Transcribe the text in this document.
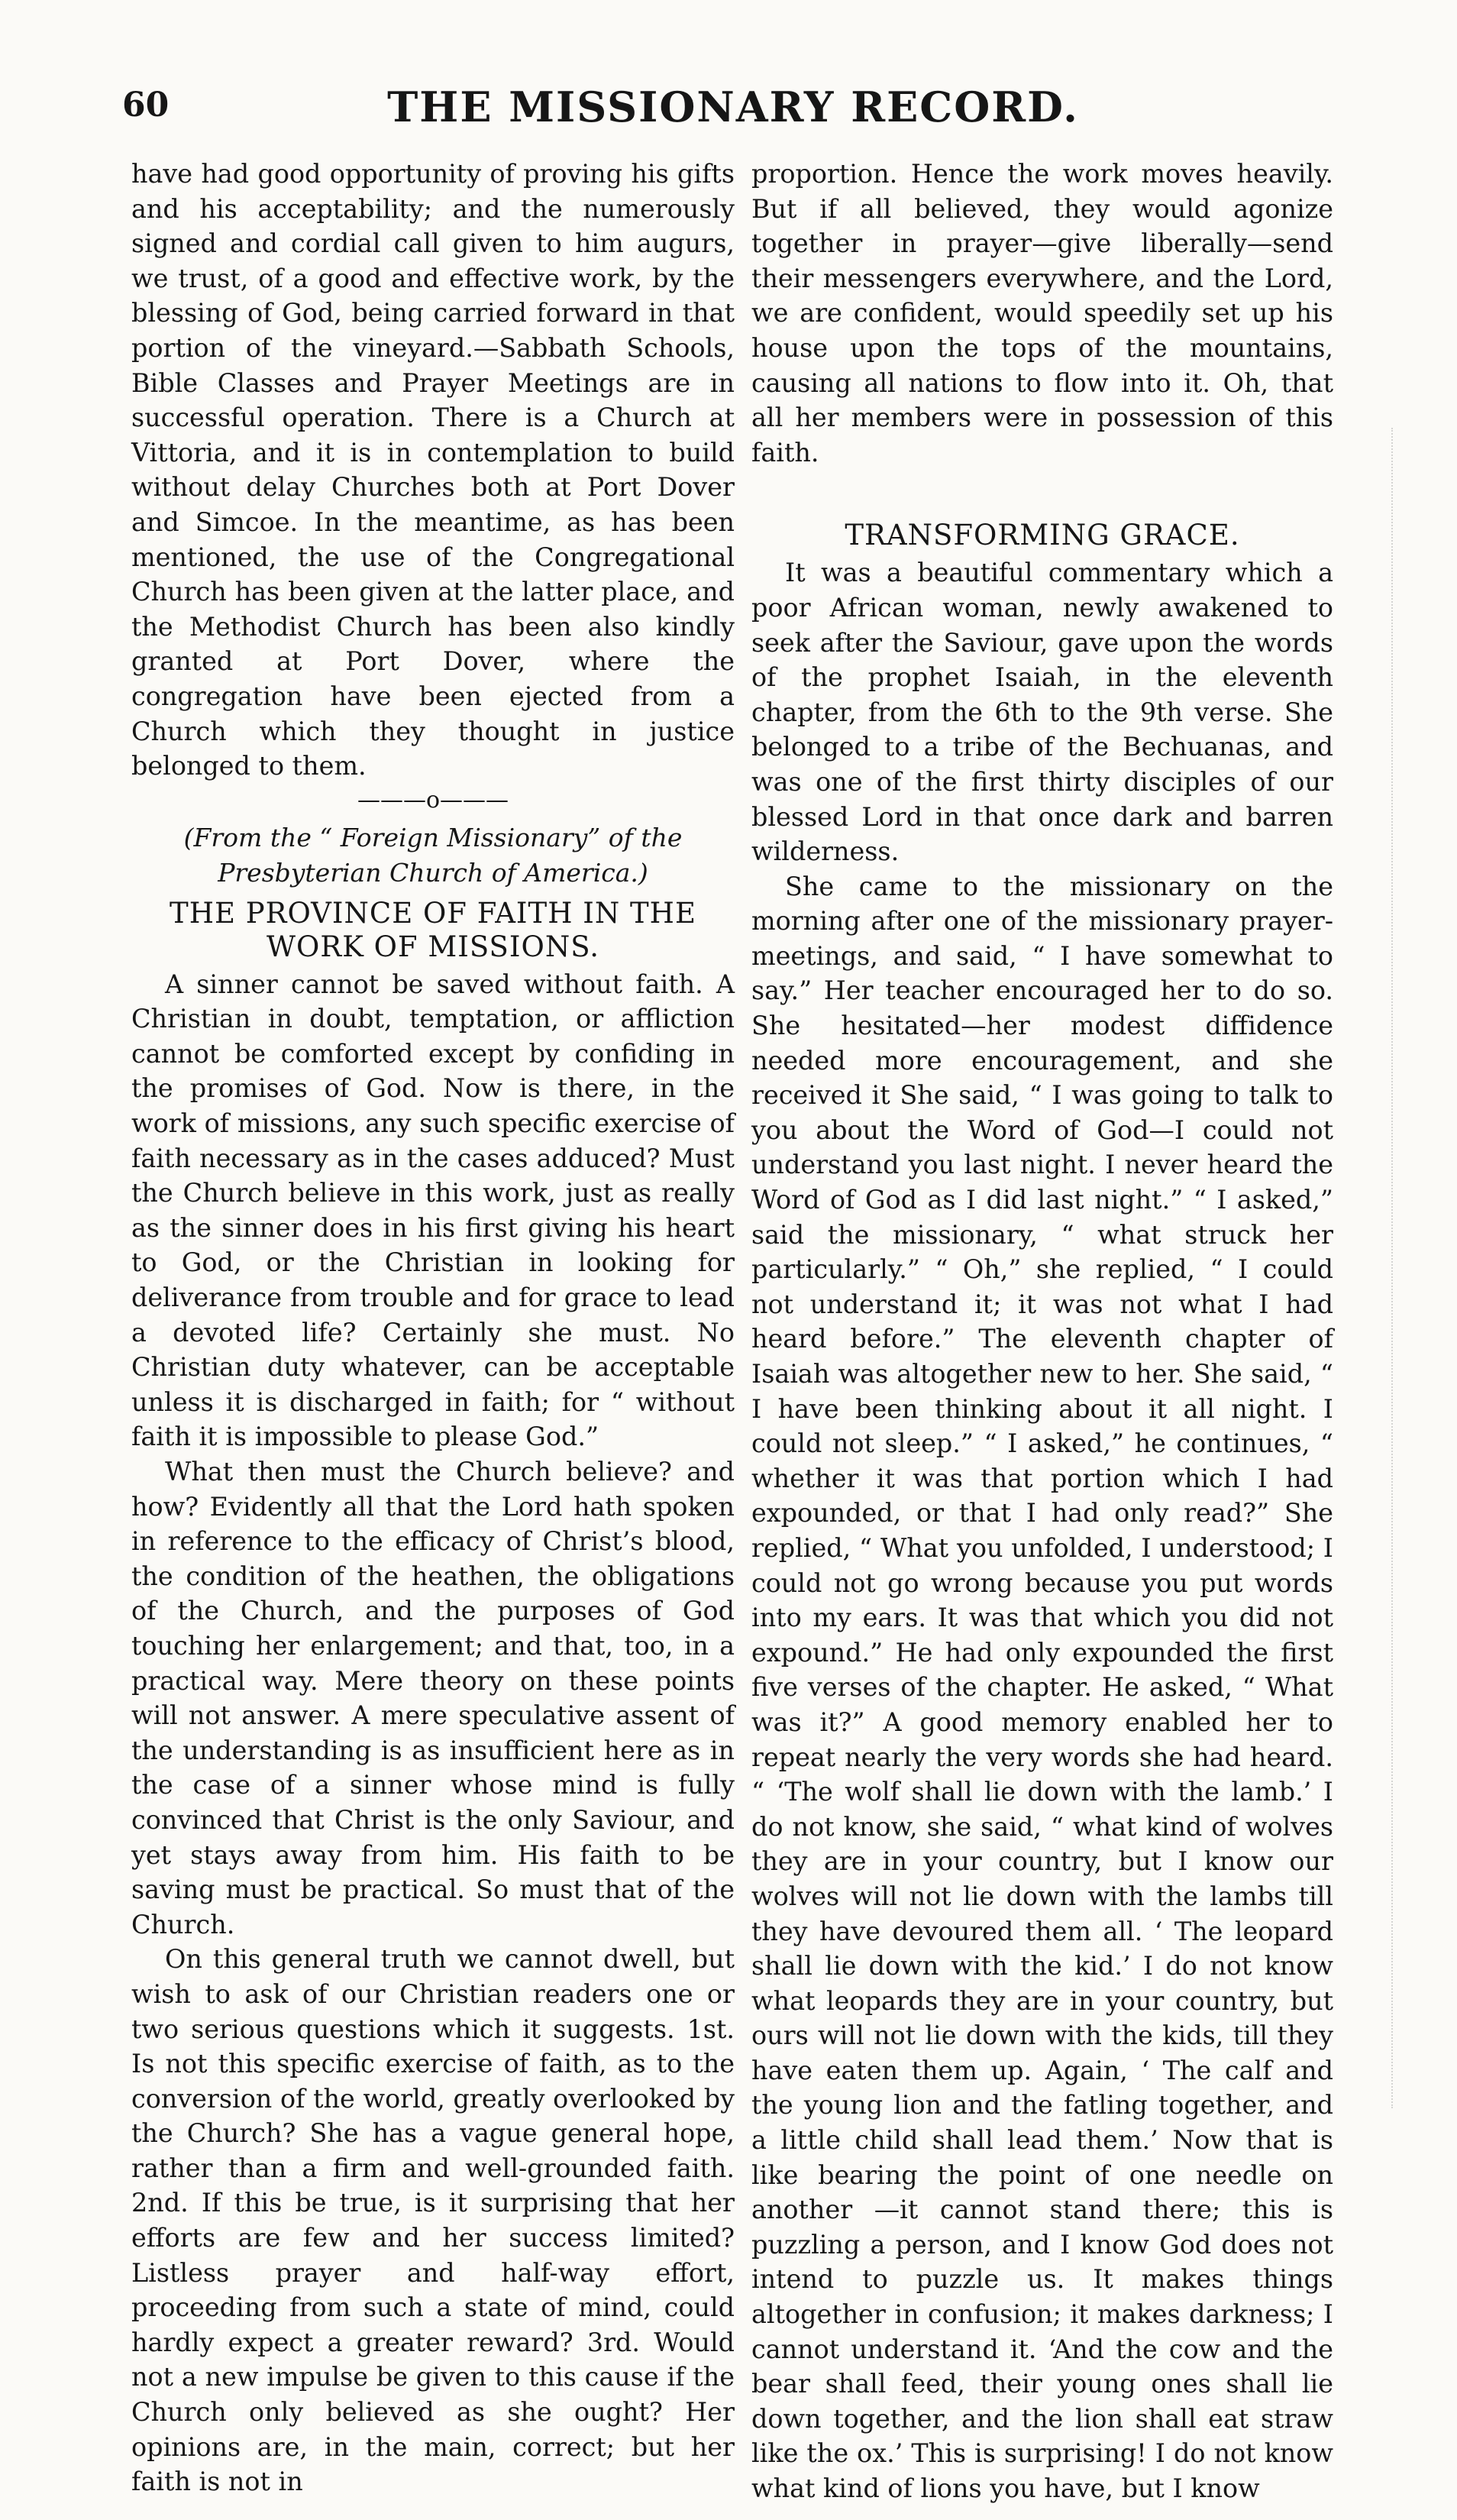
60	THE MISSIONARY RECORD.

have had good opportunity of proving his gifts and his acceptability; and the numerously signed and cordial call given to him augurs, we trust, of a good and effective work, by the blessing of God, being carried forward in that portion of the vineyard.—Sabbath Schools, Bible Classes and Prayer Meetings are in successful operation. There is a Church at Vittoria, and it is in contemplation to build without delay Churches both at Port Dover and Simcoe. In the meantime, as has been mentioned, the use of the Congregational Church has been given at the latter place, and the Methodist Church has been also kindly granted at Port Dover, where the congregation have been ejected from a Church which they thought in justice belonged to them.

———o———
(From the “ Foreign Missionary” of the Presbyterian Church of America.)
THE PROVINCE OF FAITH IN THE WORK OF MISSIONS.

A sinner cannot be saved without faith. A Christian in doubt, temptation, or affliction cannot be comforted except by confiding in the promises of God. Now is there, in the work of missions, any such specific exercise of faith necessary as in the cases adduced? Must the Church believe in this work, just as really as the sinner does in his first giving his heart to God, or the Christian in looking for deliverance from trouble and for grace to lead a devoted life? Certainly she must. No Christian duty whatever, can be acceptable unless it is discharged in faith; for “ without faith it is impossible to please God.”

What then must the Church believe? and how? Evidently all that the Lord hath spoken in reference to the efficacy of Christ’s blood, the condition of the heathen, the obligations of the Church, and the purposes of God touching her enlargement; and that, too, in a practical way. Mere theory on these points will not answer. A mere speculative assent of the understanding is as insufficient here as in the case of a sinner whose mind is fully convinced that Christ is the only Saviour, and yet stays away from him. His faith to be saving must be practical. So must that of the Church.

On this general truth we cannot dwell, but wish to ask of our Christian readers one or two serious questions which it suggests. 1st. Is not this specific exercise of faith, as to the conversion of the world, greatly overlooked by the Church? She has a vague general hope, rather than a firm and well-grounded faith. 2nd. If this be true, is it surprising that her efforts are few and her success limited? Listless prayer and half-way effort, proceeding from such a state of mind, could hardly expect a greater reward? 3rd. Would not a new impulse be given to this cause if the Church only believed as she ought? Her opinions are, in the main, correct; but her faith is not in

proportion. Hence the work moves heavily. But if all believed, they would agonize together in prayer—give liberally—send their messengers everywhere, and the Lord, we are confident, would speedily set up his house upon the tops of the mountains, causing all nations to flow into it. Oh, that all her members were in possession of this faith.

TRANSFORMING GRACE.

It was a beautiful commentary which a poor African woman, newly awakened to seek after the Saviour, gave upon the words of the prophet Isaiah, in the eleventh chapter, from the 6th to the 9th verse. She belonged to a tribe of the Bechuanas, and was one of the first thirty disciples of our blessed Lord in that once dark and barren wilderness.

She came to the missionary on the morning after one of the missionary prayer-meetings, and said, “ I have somewhat to say.” Her teacher encouraged her to do so. She hesitated—her modest diffidence needed more encouragement, and she received it She said, “ I was going to talk to you about the Word of God—I could not understand you last night. I never heard the Word of God as I did last night.” “ I asked,” said the missionary, “ what struck her particularly.” “ Oh,” she replied, “ I could not understand it; it was not what I had heard before.” The eleventh chapter of Isaiah was altogether new to her. She said, “ I have been thinking about it all night. I could not sleep.” “ I asked,” he continues, “ whether it was that portion which I had expounded, or that I had only read?” She replied, “ What you unfolded, I understood; I could not go wrong because you put words into my ears. It was that which you did not expound.” He had only expounded the first five verses of the chapter. He asked, “ What was it?” A good memory enabled her to repeat nearly the very words she had heard. “ ‘The wolf shall lie down with the lamb.’ I do not know, she said, “ what kind of wolves they are in your country, but I know our wolves will not lie down with the lambs till they have devoured them all. ‘ The leopard shall lie down with the kid.’ I do not know what leopards they are in your country, but ours will not lie down with the kids, till they have eaten them up. Again, ‘ The calf and the young lion and the fatling together, and a little child shall lead them.’ Now that is like bearing the point of one needle on another —it cannot stand there; this is puzzling a person, and I know God does not intend to puzzle us. It makes things altogether in confusion; it makes darkness; I cannot understand it. ‘And the cow and the bear shall feed, their young ones shall lie down together, and the lion shall eat straw like the ox.’ This is surprising! I do not know what kind of lions you have, but I know
